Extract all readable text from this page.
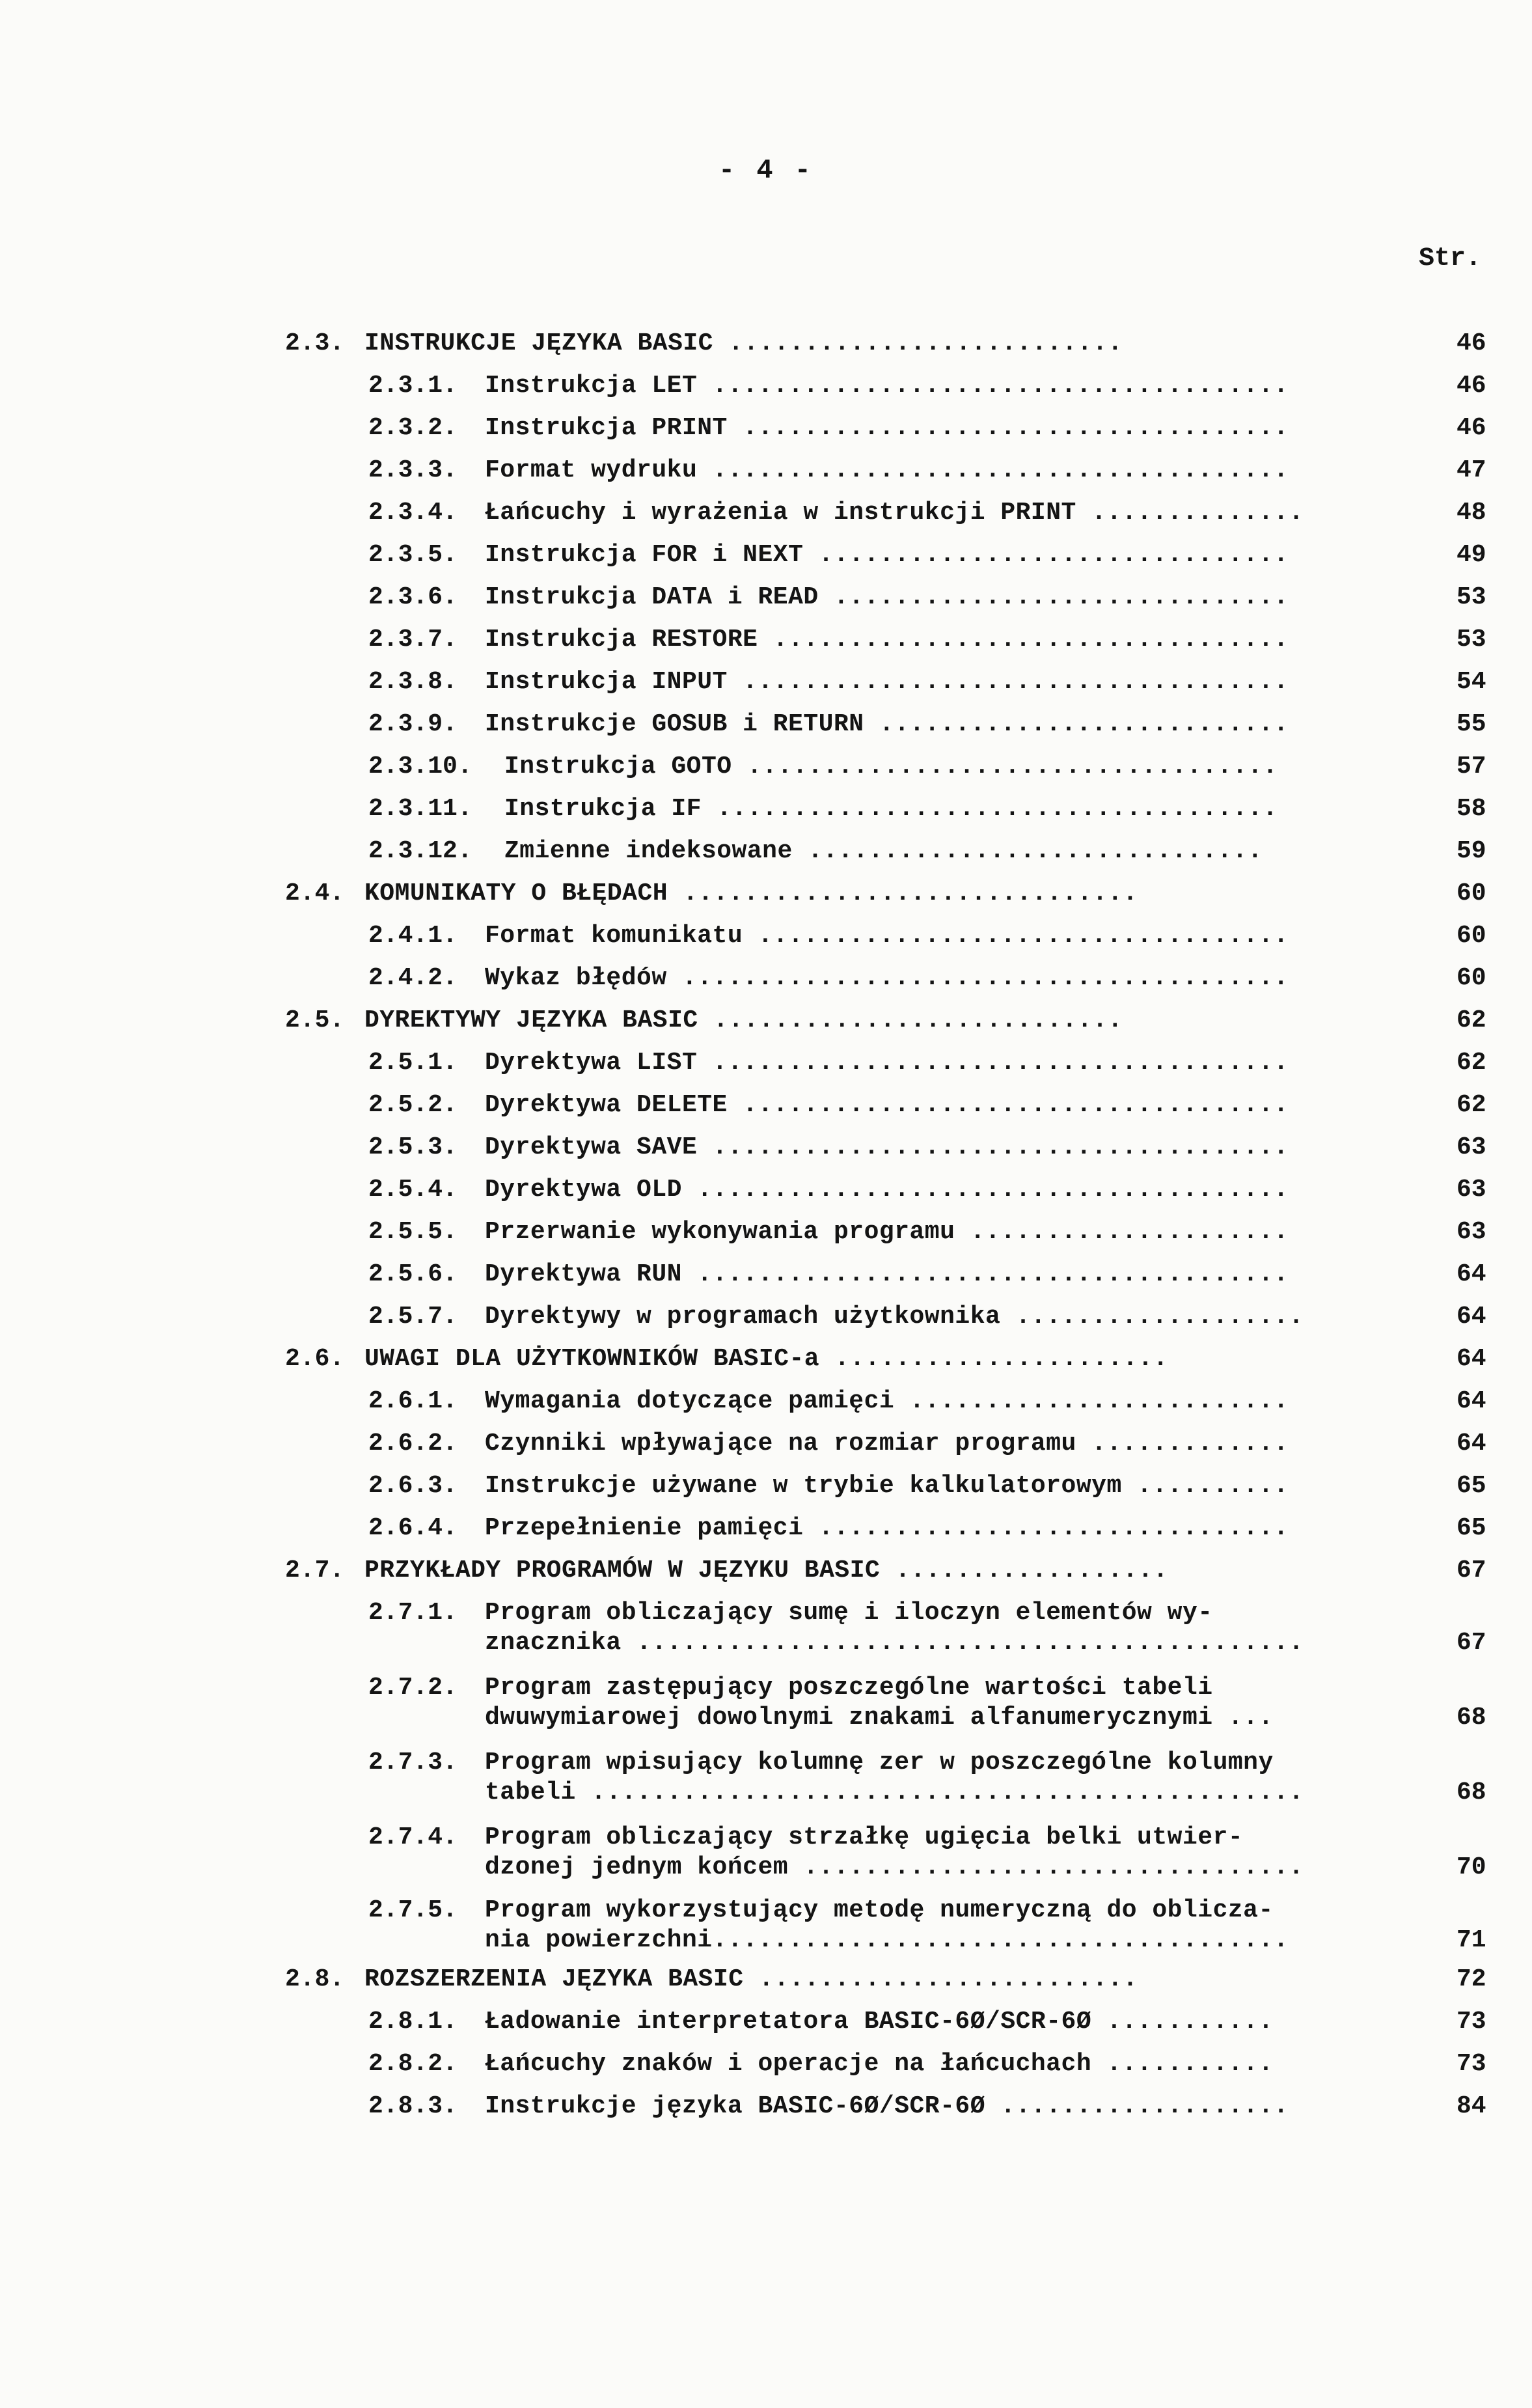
- 4 -
Str.
2.3. INSTRUKCJE JĘZYKA BASIC ..........................	46
2.3.1. Instrukcja LET ......................................	46
2.3.2. Instrukcja PRINT ....................................	46
2.3.3. Format wydruku ......................................	47
2.3.4. Łańcuchy i wyrażenia w instrukcji PRINT ..............	48
2.3.5. Instrukcja FOR i NEXT ...............................	49
2.3.6. Instrukcja DATA i READ ..............................	53
2.3.7. Instrukcja RESTORE ..................................	53
2.3.8. Instrukcja INPUT ....................................	54
2.3.9. Instrukcje GOSUB i RETURN ...........................	55
2.3.10. Instrukcja GOTO ...................................	57
2.3.11. Instrukcja IF .....................................	58
2.3.12. Zmienne indeksowane ..............................	59
2.4. KOMUNIKATY O BŁĘDACH ..............................	60
2.4.1. Format komunikatu ...................................	60
2.4.2. Wykaz błędów ........................................	60
2.5. DYREKTYWY JĘZYKA BASIC ...........................	62
2.5.1. Dyrektywa LIST ......................................	62
2.5.2. Dyrektywa DELETE ....................................	62
2.5.3. Dyrektywa SAVE ......................................	63
2.5.4. Dyrektywa OLD .......................................	63
2.5.5. Przerwanie wykonywania programu .....................	63
2.5.6. Dyrektywa RUN .......................................	64
2.5.7. Dyrektywy w programach użytkownika ...................	64
2.6. UWAGI DLA UŻYTKOWNIKÓW BASIC-a ......................	64
2.6.1. Wymagania dotyczące pamięci .........................	64
2.6.2. Czynniki wpływające na rozmiar programu .............	64
2.6.3. Instrukcje używane w trybie kalkulatorowym ..........	65
2.6.4. Przepełnienie pamięci ...............................	65
2.7. PRZYKŁADY PROGRAMÓW W JĘZYKU BASIC ..................	67
2.7.1. Program obliczający sumę i iloczyn elementów wy-
znacznika ............................................	67
2.7.2. Program zastępujący poszczególne wartości tabeli
dwuwymiarowej dowolnymi znakami alfanumerycznymi ...	68
2.7.3. Program wpisujący kolumnę zer w poszczególne kolumny
tabeli ...............................................	68
2.7.4. Program obliczający strzałkę ugięcia belki utwier-
dzonej jednym końcem .................................	70
2.7.5. Program wykorzystujący metodę numeryczną do oblicza-
nia powierzchni......................................	71
2.8. ROZSZERZENIA JĘZYKA BASIC .........................	72
2.8.1. Ładowanie interpretatora BASIC-6Ø/SCR-6Ø ...........	73
2.8.2. Łańcuchy znaków i operacje na łańcuchach ...........	73
2.8.3. Instrukcje języka BASIC-6Ø/SCR-6Ø ...................	84
